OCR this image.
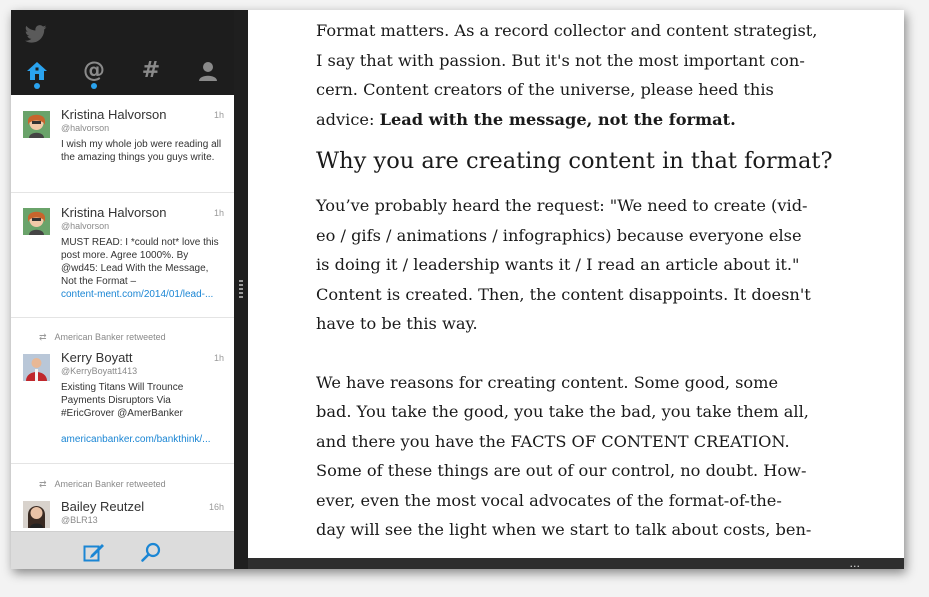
@ #
Kristina Halvorson
@halvorson
I wish my whole job were reading all the amazing things you guys write.
1h
Kristina Halvorson
@halvorson
MUST READ: I *could not* love this post more. Agree 1000%. By @wd45: Lead With the Message, Not the Format –
content-ment.com/2014/01/lead-...
1h
⇄ American Banker retweeted
Kerry Boyatt
@KerryBoyatt1413
Existing Titans Will Trounce Payments Disruptors Via #EricGrover @AmerBanker
americanbanker.com/bankthink/...
1h
⇄ American Banker retweeted
Bailey Reutzel
@BLR13
16h

Format matters. As a record collector and content strategist,
I say that with passion. But it's not the most important con-
cern. Content creators of the universe, please heed this
advice: Lead with the message, not the format.

Why you are creating content in that format?

You’ve probably heard the request: "We need to create (vid-
eo / gifs / animations / infographics) because everyone else
is doing it / leadership wants it / I read an article about it."
Content is created. Then, the content disappoints. It doesn't
have to be this way.

We have reasons for creating content. Some good, some
bad. You take the good, you take the bad, you take them all,
and there you have the FACTS OF CONTENT CREATION.
Some of these things are out of our control, no doubt. How-
ever, even the most vocal advocates of the format-of-the-
day will see the light when we start to talk about costs, ben-

...
